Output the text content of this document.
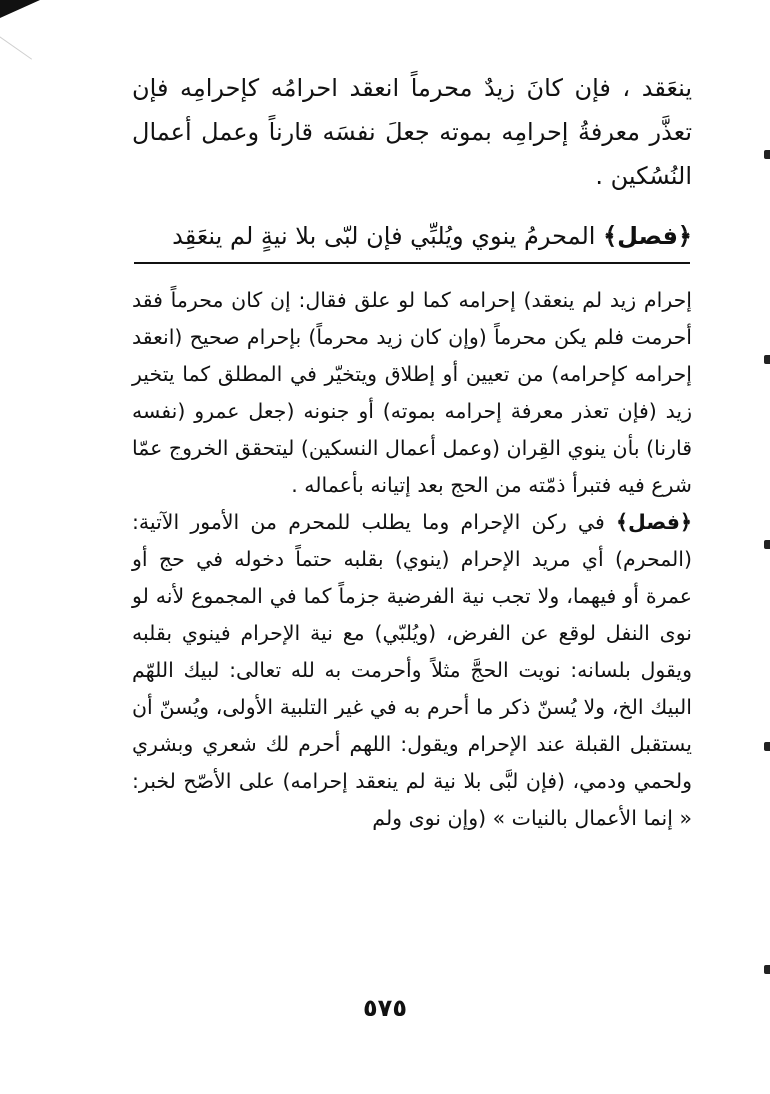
ينعَقد ، فإن كانَ زيدٌ محرماً انعقد احرامُه كإحرامِه فإن تعذَّر معرفةُ إحرامِه بموته جعلَ نفسَه قارناً وعمل أعمال النُسُكين .
﴿فصل﴾ المحرمُ ينوي ويُلبِّي فإن لبّى بلا نيةٍ لم ينعَقِد

إحرام زيد لم ينعقد) إحرامه كما لو علق فقال: إن كان محرماً فقد أحرمت فلم يكن محرماً (وإن كان زيد محرماً) بإحرام صحيح (انعقد إحرامه كإحرامه) من تعيين أو إطلاق ويتخيّر في المطلق كما يتخير زيد (فإن تعذر معرفة إحرامه بموته) أو جنونه (جعل عمرو (نفسه قارنا) بأن ينوي القِران (وعمل أعمال النسكين) ليتحقق الخروج عمّا شرع فيه فتبرأ ذمّته من الحج بعد إتيانه بأعماله .

﴿فصل﴾ في ركن الإحرام وما يطلب للمحرم من الأمور الآتية: (المحرم) أي مريد الإحرام (ينوي) بقلبه حتماً دخوله في حج أو عمرة أو فيهما، ولا تجب نية الفرضية جزماً كما في المجموع لأنه لو نوى النفل لوقع عن الفرض، (ويُلبّي) مع نية الإحرام فينوي بقلبه ويقول بلسانه: نويت الحجَّ مثلاً وأحرمت به لله تعالى: لبيك اللهّم البيك الخ، ولا يُسنّ ذكر ما أحرم به في غير التلبية الأولى، ويُسنّ أن يستقبل القبلة عند الإحرام ويقول: اللهم أحرم لك شعري وبشري ولحمي ودمي، (فإن لبَّى بلا نية لم ينعقد إحرامه) على الأصّح لخبر: « إنما الأعمال بالنيات » (وإن نوى ولم

٥٧٥
